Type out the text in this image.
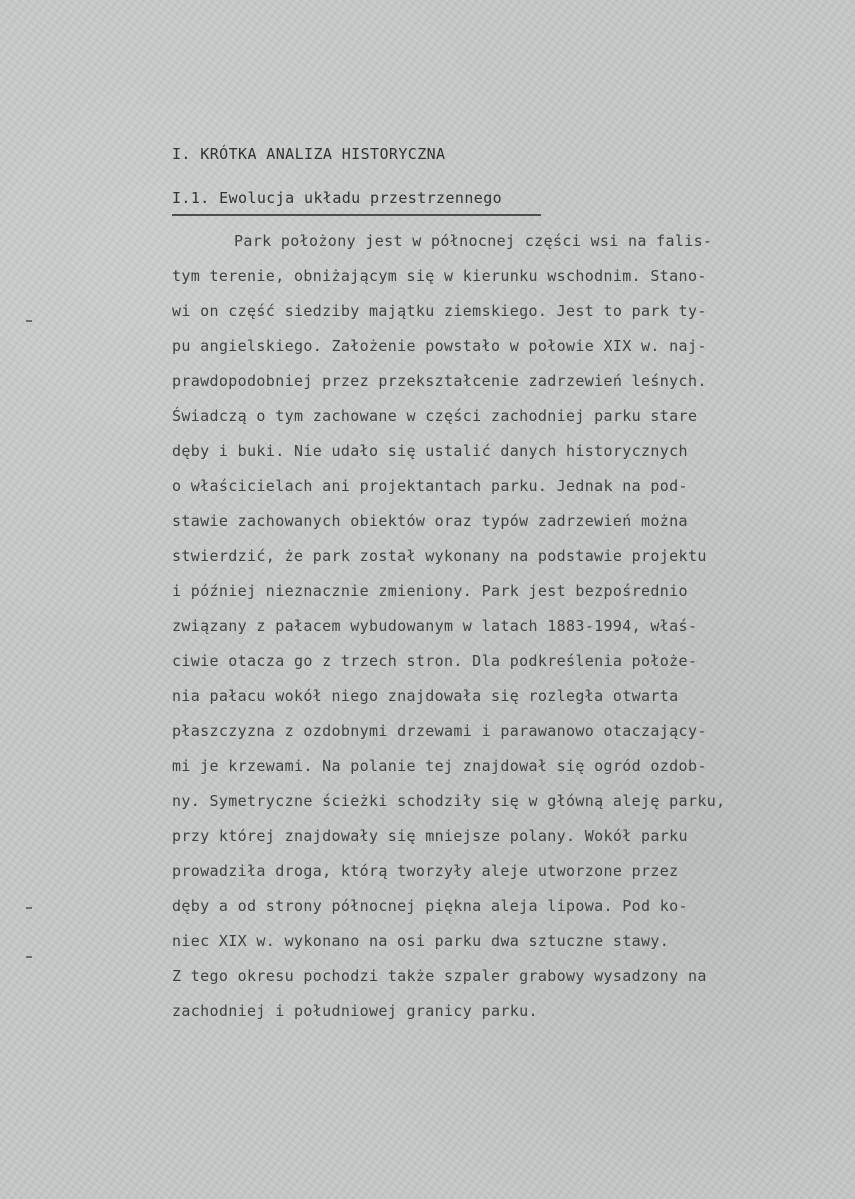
I. KRÓTKA ANALIZA HISTORYCZNA
I.1. Ewolucja układu przestrzennego
Park położony jest w północnej części wsi na falis-
tym terenie, obniżającym się w kierunku wschodnim. Stano-
wi on część siedziby majątku ziemskiego. Jest to park ty-
pu angielskiego. Założenie powstało w połowie XIX w. naj-
prawdopodobniej przez przekształcenie zadrzewień leśnych.
Świadczą o tym zachowane w części zachodniej parku stare
dęby i buki. Nie udało się ustalić danych historycznych
o właścicielach ani projektantach parku. Jednak na pod-
stawie zachowanych obiektów oraz typów zadrzewień można
stwierdzić, że park został wykonany na podstawie projektu
i później nieznacznie zmieniony. Park jest bezpośrednio
związany z pałacem wybudowanym w latach 1883-1994, właś-
ciwie otacza go z trzech stron. Dla podkreślenia położe-
nia pałacu wokół niego znajdowała się rozległa otwarta
płaszczyzna z ozdobnymi drzewami i parawanowo otaczający-
mi je krzewami. Na polanie tej znajdował się ogród ozdob-
ny. Symetryczne ścieżki schodziły się w główną aleję parku,
przy której znajdowały się mniejsze polany. Wokół parku
prowadziła droga, którą tworzyły aleje utworzone przez
dęby a od strony północnej piękna aleja lipowa. Pod ko-
niec XIX w. wykonano na osi parku dwa sztuczne stawy.
Z tego okresu pochodzi także szpaler grabowy wysadzony na
zachodniej i południowej granicy parku.
